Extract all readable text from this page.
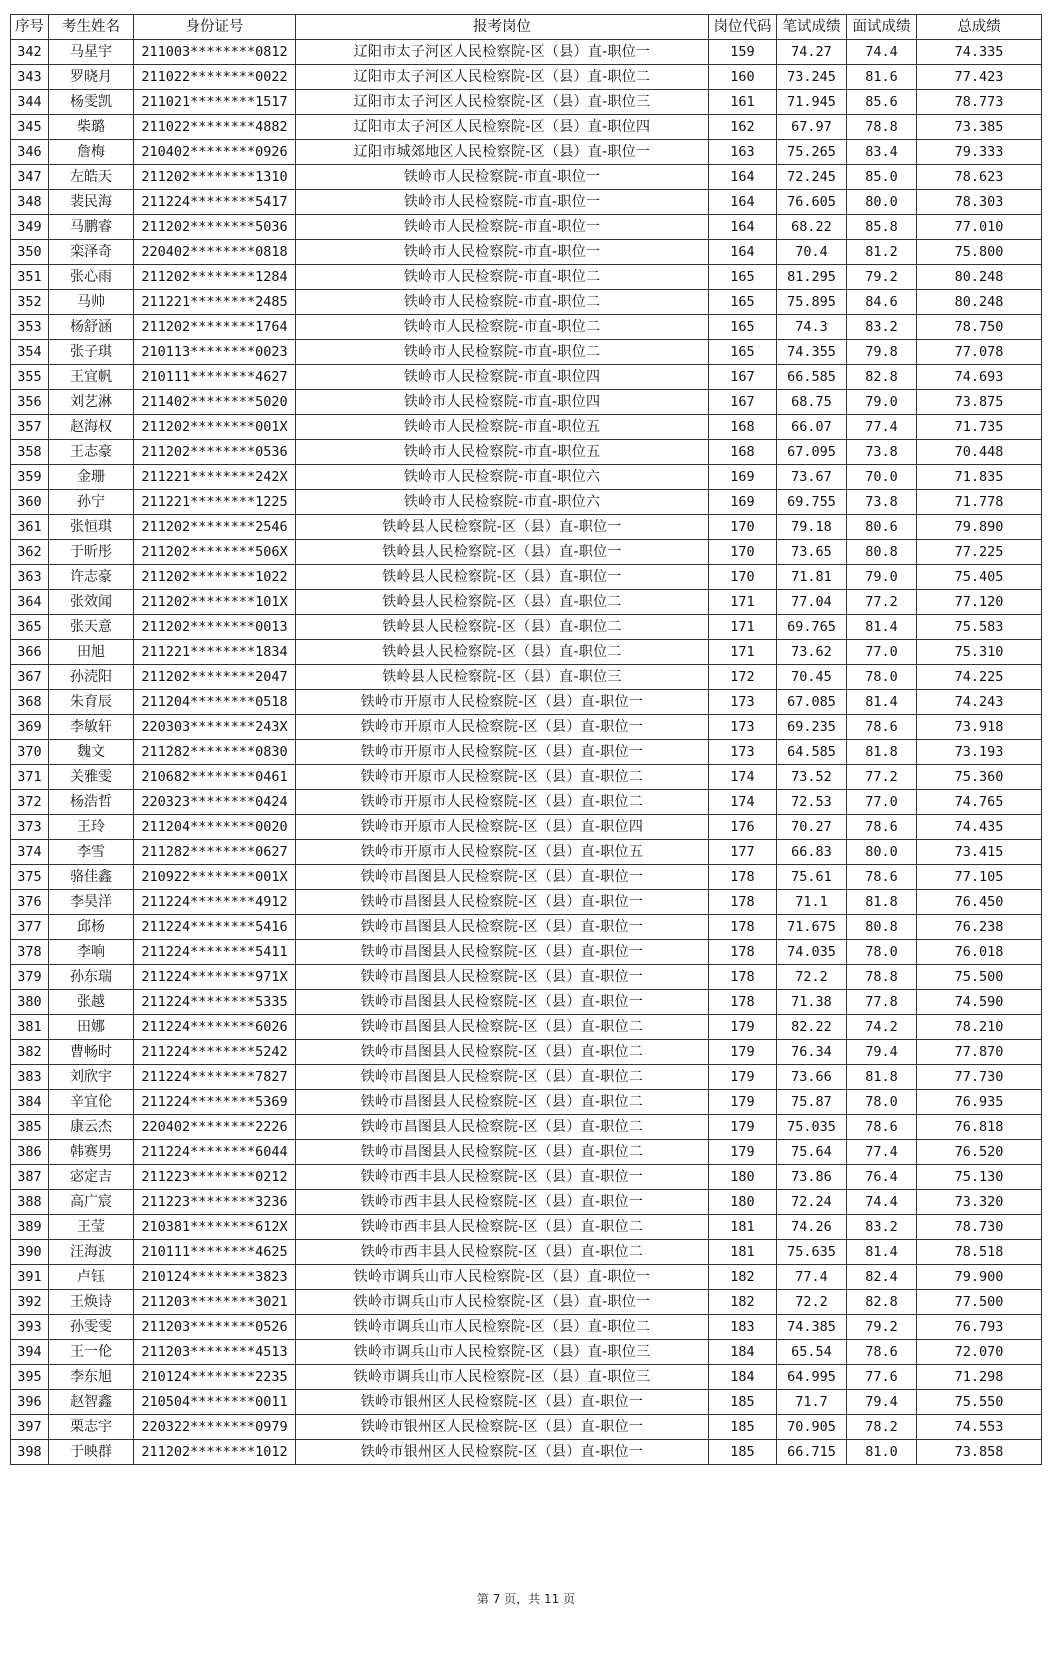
序号	考生姓名	身份证号	报考岗位	岗位代码	笔试成绩	面试成绩	总成绩
342	马星宇	211003********0812	辽阳市太子河区人民检察院-区（县）直-职位一	159	74.27	74.4	74.335
343	罗晓月	211022********0022	辽阳市太子河区人民检察院-区（县）直-职位二	160	73.245	81.6	77.423
344	杨雯凯	211021********1517	辽阳市太子河区人民检察院-区（县）直-职位三	161	71.945	85.6	78.773
345	柴璐	211022********4882	辽阳市太子河区人民检察院-区（县）直-职位四	162	67.97	78.8	73.385
346	詹梅	210402********0926	辽阳市城郊地区人民检察院-区（县）直-职位一	163	75.265	83.4	79.333
347	左皓天	211202********1310	铁岭市人民检察院-市直-职位一	164	72.245	85.0	78.623
348	裴民海	211224********5417	铁岭市人民检察院-市直-职位一	164	76.605	80.0	78.303
349	马鹏睿	211202********5036	铁岭市人民检察院-市直-职位一	164	68.22	85.8	77.010
350	栾泽奇	220402********0818	铁岭市人民检察院-市直-职位一	164	70.4	81.2	75.800
351	张心雨	211202********1284	铁岭市人民检察院-市直-职位二	165	81.295	79.2	80.248
352	马帅	211221********2485	铁岭市人民检察院-市直-职位二	165	75.895	84.6	80.248
353	杨舒涵	211202********1764	铁岭市人民检察院-市直-职位二	165	74.3	83.2	78.750
354	张子琪	210113********0023	铁岭市人民检察院-市直-职位二	165	74.355	79.8	77.078
355	王宜帆	210111********4627	铁岭市人民检察院-市直-职位四	167	66.585	82.8	74.693
356	刘艺淋	211402********5020	铁岭市人民检察院-市直-职位四	167	68.75	79.0	73.875
357	赵海权	211202********001X	铁岭市人民检察院-市直-职位五	168	66.07	77.4	71.735
358	王志豪	211202********0536	铁岭市人民检察院-市直-职位五	168	67.095	73.8	70.448
359	金珊	211221********242X	铁岭市人民检察院-市直-职位六	169	73.67	70.0	71.835
360	孙宁	211221********1225	铁岭市人民检察院-市直-职位六	169	69.755	73.8	71.778
361	张恒琪	211202********2546	铁岭县人民检察院-区（县）直-职位一	170	79.18	80.6	79.890
362	于昕彤	211202********506X	铁岭县人民检察院-区（县）直-职位一	170	73.65	80.8	77.225
363	许志豪	211202********1022	铁岭县人民检察院-区（县）直-职位一	170	71.81	79.0	75.405
364	张效闻	211202********101X	铁岭县人民检察院-区（县）直-职位二	171	77.04	77.2	77.120
365	张天意	211202********0013	铁岭县人民检察院-区（县）直-职位二	171	69.765	81.4	75.583
366	田旭	211221********1834	铁岭县人民检察院-区（县）直-职位二	171	73.62	77.0	75.310
367	孙涜阳	211202********2047	铁岭县人民检察院-区（县）直-职位三	172	70.45	78.0	74.225
368	朱育辰	211204********0518	铁岭市开原市人民检察院-区（县）直-职位一	173	67.085	81.4	74.243
369	李敏轩	220303********243X	铁岭市开原市人民检察院-区（县）直-职位一	173	69.235	78.6	73.918
370	魏文	211282********0830	铁岭市开原市人民检察院-区（县）直-职位一	173	64.585	81.8	73.193
371	关雅雯	210682********0461	铁岭市开原市人民检察院-区（县）直-职位二	174	73.52	77.2	75.360
372	杨浩哲	220323********0424	铁岭市开原市人民检察院-区（县）直-职位二	174	72.53	77.0	74.765
373	王玲	211204********0020	铁岭市开原市人民检察院-区（县）直-职位四	176	70.27	78.6	74.435
374	李雪	211282********0627	铁岭市开原市人民检察院-区（县）直-职位五	177	66.83	80.0	73.415
375	骆佳鑫	210922********001X	铁岭市昌图县人民检察院-区（县）直-职位一	178	75.61	78.6	77.105
376	李昊洋	211224********4912	铁岭市昌图县人民检察院-区（县）直-职位一	178	71.1	81.8	76.450
377	邱杨	211224********5416	铁岭市昌图县人民检察院-区（县）直-职位一	178	71.675	80.8	76.238
378	李响	211224********5411	铁岭市昌图县人民检察院-区（县）直-职位一	178	74.035	78.0	76.018
379	孙东瑞	211224********971X	铁岭市昌图县人民检察院-区（县）直-职位一	178	72.2	78.8	75.500
380	张越	211224********5335	铁岭市昌图县人民检察院-区（县）直-职位一	178	71.38	77.8	74.590
381	田娜	211224********6026	铁岭市昌图县人民检察院-区（县）直-职位二	179	82.22	74.2	78.210
382	曹畅时	211224********5242	铁岭市昌图县人民检察院-区（县）直-职位二	179	76.34	79.4	77.870
383	刘欣宇	211224********7827	铁岭市昌图县人民检察院-区（县）直-职位二	179	73.66	81.8	77.730
384	辛宜伦	211224********5369	铁岭市昌图县人民检察院-区（县）直-职位二	179	75.87	78.0	76.935
385	康云杰	220402********2226	铁岭市昌图县人民检察院-区（县）直-职位二	179	75.035	78.6	76.818
386	韩赛男	211224********6044	铁岭市昌图县人民检察院-区（县）直-职位二	179	75.64	77.4	76.520
387	宓定吉	211223********0212	铁岭市西丰县人民检察院-区（县）直-职位一	180	73.86	76.4	75.130
388	高广宸	211223********3236	铁岭市西丰县人民检察院-区（县）直-职位一	180	72.24	74.4	73.320
389	王莹	210381********612X	铁岭市西丰县人民检察院-区（县）直-职位二	181	74.26	83.2	78.730
390	汪海波	210111********4625	铁岭市西丰县人民检察院-区（县）直-职位二	181	75.635	81.4	78.518
391	卢钰	210124********3823	铁岭市调兵山市人民检察院-区（县）直-职位一	182	77.4	82.4	79.900
392	王焕诗	211203********3021	铁岭市调兵山市人民检察院-区（县）直-职位一	182	72.2	82.8	77.500
393	孙雯雯	211203********0526	铁岭市调兵山市人民检察院-区（县）直-职位二	183	74.385	79.2	76.793
394	王一伦	211203********4513	铁岭市调兵山市人民检察院-区（县）直-职位三	184	65.54	78.6	72.070
395	李东旭	210124********2235	铁岭市调兵山市人民检察院-区（县）直-职位三	184	64.995	77.6	71.298
396	赵智鑫	210504********0011	铁岭市银州区人民检察院-区（县）直-职位一	185	71.7	79.4	75.550
397	栗志宇	220322********0979	铁岭市银州区人民检察院-区（县）直-职位一	185	70.905	78.2	74.553
398	于映群	211202********1012	铁岭市银州区人民检察院-区（县）直-职位一	185	66.715	81.0	73.858
第 7 页，共 11 页
